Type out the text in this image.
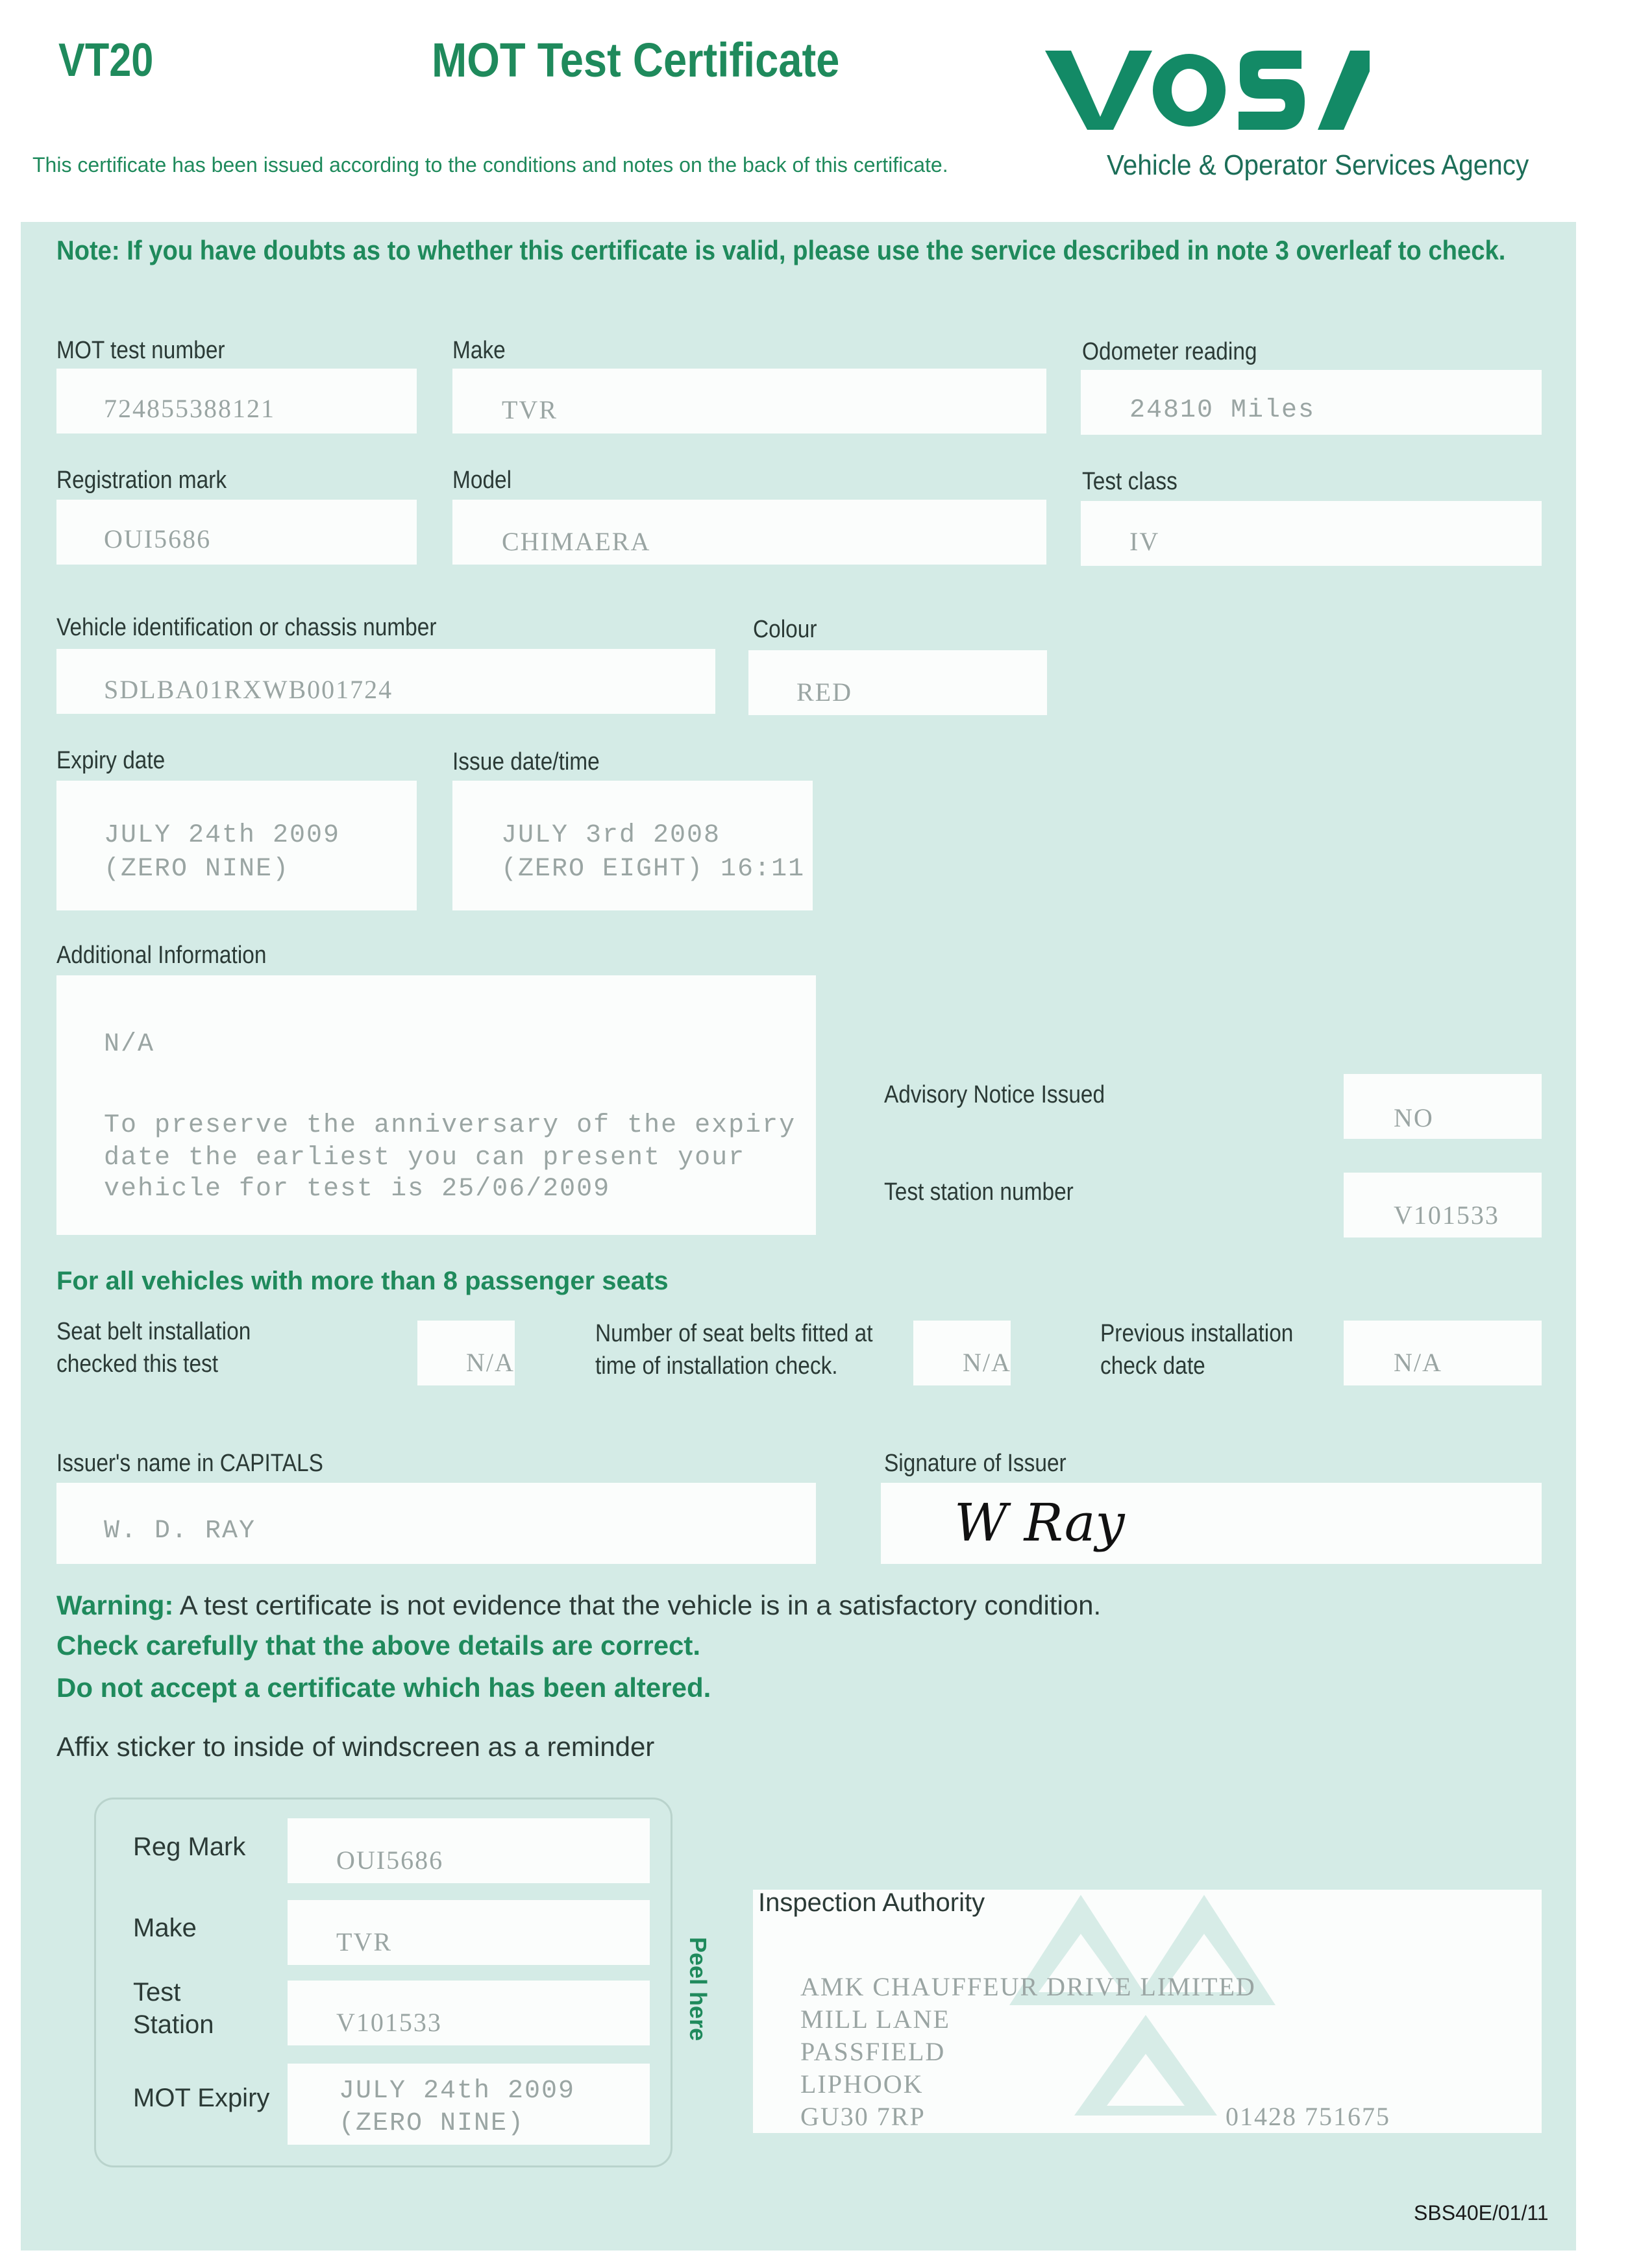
VT20	MOT Test Certificate
This certificate has been issued according to the conditions and notes on the back of this certificate.	Vehicle & Operator Services Agency
Note: If you have doubts as to whether this certificate is valid, please use the service described in note 3 overleaf to check.
MOT test number
724855388121
Make
TVR
Odometer reading
24810 Miles
Registration mark
OUI5686
Model
CHIMAERA
Test class
IV
Vehicle identification or chassis number
SDLBA01RXWB001724
Colour
RED
Expiry date
JULY 24th 2009
(ZERO NINE)
Issue date/time
JULY 3rd 2008
(ZERO EIGHT) 16:11
Additional Information
N/A
To preserve the anniversary of the expiry
date the earliest you can present your
vehicle for test is 25/06/2009
Advisory Notice Issued
NO
Test station number
V101533
For all vehicles with more than 8 passenger seats
Seat belt installation
checked this test	N/A
Number of seat belts fitted at
time of installation check.	N/A
Previous installation
check date	N/A
Issuer's name in CAPITALS
W. D. RAY
Signature of Issuer
W Ray
Warning: A test certificate is not evidence that the vehicle is in a satisfactory condition.
Check carefully that the above details are correct.
Do not accept a certificate which has been altered.
Affix sticker to inside of windscreen as a reminder
Reg Mark	OUI5686
Make	TVR
Test
Station	V101533
MOT Expiry	JULY 24th 2009
(ZERO NINE)
Peel here
Inspection Authority
AMK CHAUFFEUR DRIVE LIMITED
MILL LANE
PASSFIELD
LIPHOOK
GU30 7RP	01428 751675
SBS40E/01/11
